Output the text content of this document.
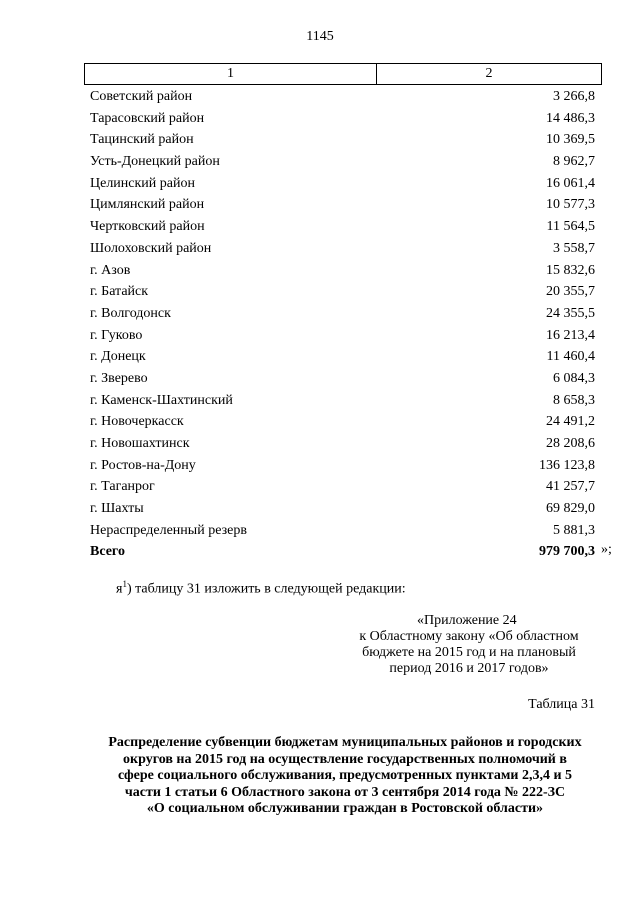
1145
1	2
Советский район	3 266,8
Тарасовский район	14 486,3
Тацинский район	10 369,5
Усть-Донецкий район	8 962,7
Целинский район	16 061,4
Цимлянский район	10 577,3
Чертковский район	11 564,5
Шолоховский район	3 558,7
г. Азов	15 832,6
г. Батайск	20 355,7
г. Волгодонск	24 355,5
г. Гуково	16 213,4
г. Донецк	11 460,4
г. Зверево	6 084,3
г. Каменск-Шахтинский	8 658,3
г. Новочеркасск	24 491,2
г. Новошахтинск	28 208,6
г. Ростов-на-Дону	136 123,8
г. Таганрог	41 257,7
г. Шахты	69 829,0
Нераспределенный резерв	5 881,3
Всего	979 700,3 »;
$я^1$) таблицу 31 изложить в следующей редакции:
«Приложение 24
к Областному закону «Об областном
бюджете на 2015 год и на плановый
период 2016 и 2017 годов»
Таблица 31
Распределение субвенции бюджетам муниципальных районов и городских
округов на 2015 год на осуществление государственных полномочий в
сфере социального обслуживания, предусмотренных пунктами 2,3,4 и 5
части 1 статьи 6 Областного закона от 3 сентября 2014 года № 222-ЗС
«О социальном обслуживании граждан в Ростовской области»
